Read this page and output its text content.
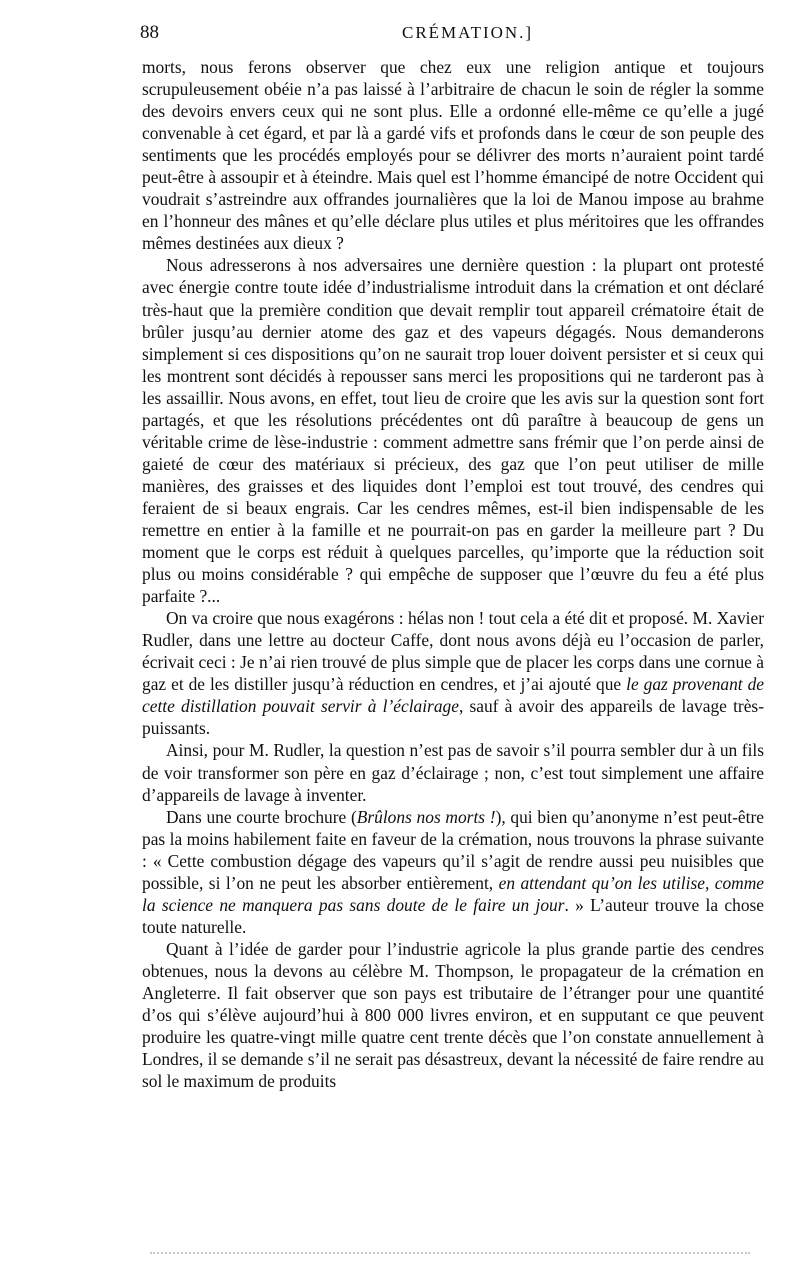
88	CRÉMATION.]

morts, nous ferons observer que chez eux une religion antique et toujours scrupuleusement obéie n’a pas laissé à l’arbitraire de chacun le soin de régler la somme des devoirs envers ceux qui ne sont plus. Elle a ordonné elle-même ce qu’elle a jugé convenable à cet égard, et par là a gardé vifs et profonds dans le cœur de son peuple des sentiments que les procédés employés pour se délivrer des morts n’auraient point tardé peut-être à assoupir et à éteindre. Mais quel est l’homme émancipé de notre Occident qui voudrait s’astreindre aux offrandes journalières que la loi de Manou impose au brahme en l’honneur des mânes et qu’elle déclare plus utiles et plus méritoires que les offrandes mêmes destinées aux dieux ?

Nous adresserons à nos adversaires une dernière question : la plupart ont protesté avec énergie contre toute idée d’industrialisme introduit dans la crémation et ont déclaré très-haut que la première condition que devait remplir tout appareil crématoire était de brûler jusqu’au dernier atome des gaz et des vapeurs dégagés. Nous demanderons simplement si ces dispositions qu’on ne saurait trop louer doivent persister et si ceux qui les montrent sont décidés à repousser sans merci les propositions qui ne tarderont pas à les assaillir. Nous avons, en effet, tout lieu de croire que les avis sur la question sont fort partagés, et que les résolutions précédentes ont dû paraître à beaucoup de gens un véritable crime de lèse-industrie : comment admettre sans frémir que l’on perde ainsi de gaieté de cœur des matériaux si précieux, des gaz que l’on peut utiliser de mille manières, des graisses et des liquides dont l’emploi est tout trouvé, des cendres qui feraient de si beaux engrais. Car les cendres mêmes, est-il bien indispensable de les remettre en entier à la famille et ne pourrait-on pas en garder la meilleure part ? Du moment que le corps est réduit à quelques parcelles, qu’importe que la réduction soit plus ou moins considérable ? qui empêche de supposer que l’œuvre du feu a été plus parfaite ?...

On va croire que nous exagérons : hélas non ! tout cela a été dit et proposé. M. Xavier Rudler, dans une lettre au docteur Caffe, dont nous avons déjà eu l’occasion de parler, écrivait ceci : Je n’ai rien trouvé de plus simple que de placer les corps dans une cornue à gaz et de les distiller jusqu’à réduction en cendres, et j’ai ajouté que le gaz provenant de cette distillation pouvait servir à l’éclairage, sauf à avoir des appareils de lavage très-puissants.

Ainsi, pour M. Rudler, la question n’est pas de savoir s’il pourra sembler dur à un fils de voir transformer son père en gaz d’éclairage ; non, c’est tout simplement une affaire d’appareils de lavage à inventer.

Dans une courte brochure (Brûlons nos morts !), qui bien qu’anonyme n’est peut-être pas la moins habilement faite en faveur de la crémation, nous trouvons la phrase suivante : « Cette combustion dégage des vapeurs qu’il s’agit de rendre aussi peu nuisibles que possible, si l’on ne peut les absorber entièrement, en attendant qu’on les utilise, comme la science ne manquera pas sans doute de le faire un jour. » L’auteur trouve la chose toute naturelle.

Quant à l’idée de garder pour l’industrie agricole la plus grande partie des cendres obtenues, nous la devons au célèbre M. Thompson, le propagateur de la crémation en Angleterre. Il fait observer que son pays est tributaire de l’étranger pour une quantité d’os qui s’élève aujourd’hui à 800 000 livres environ, et en supputant ce que peuvent produire les quatre-vingt mille quatre cent trente décès que l’on constate annuellement à Londres, il se demande s’il ne serait pas désastreux, devant la nécessité de faire rendre au sol le maximum de produits
